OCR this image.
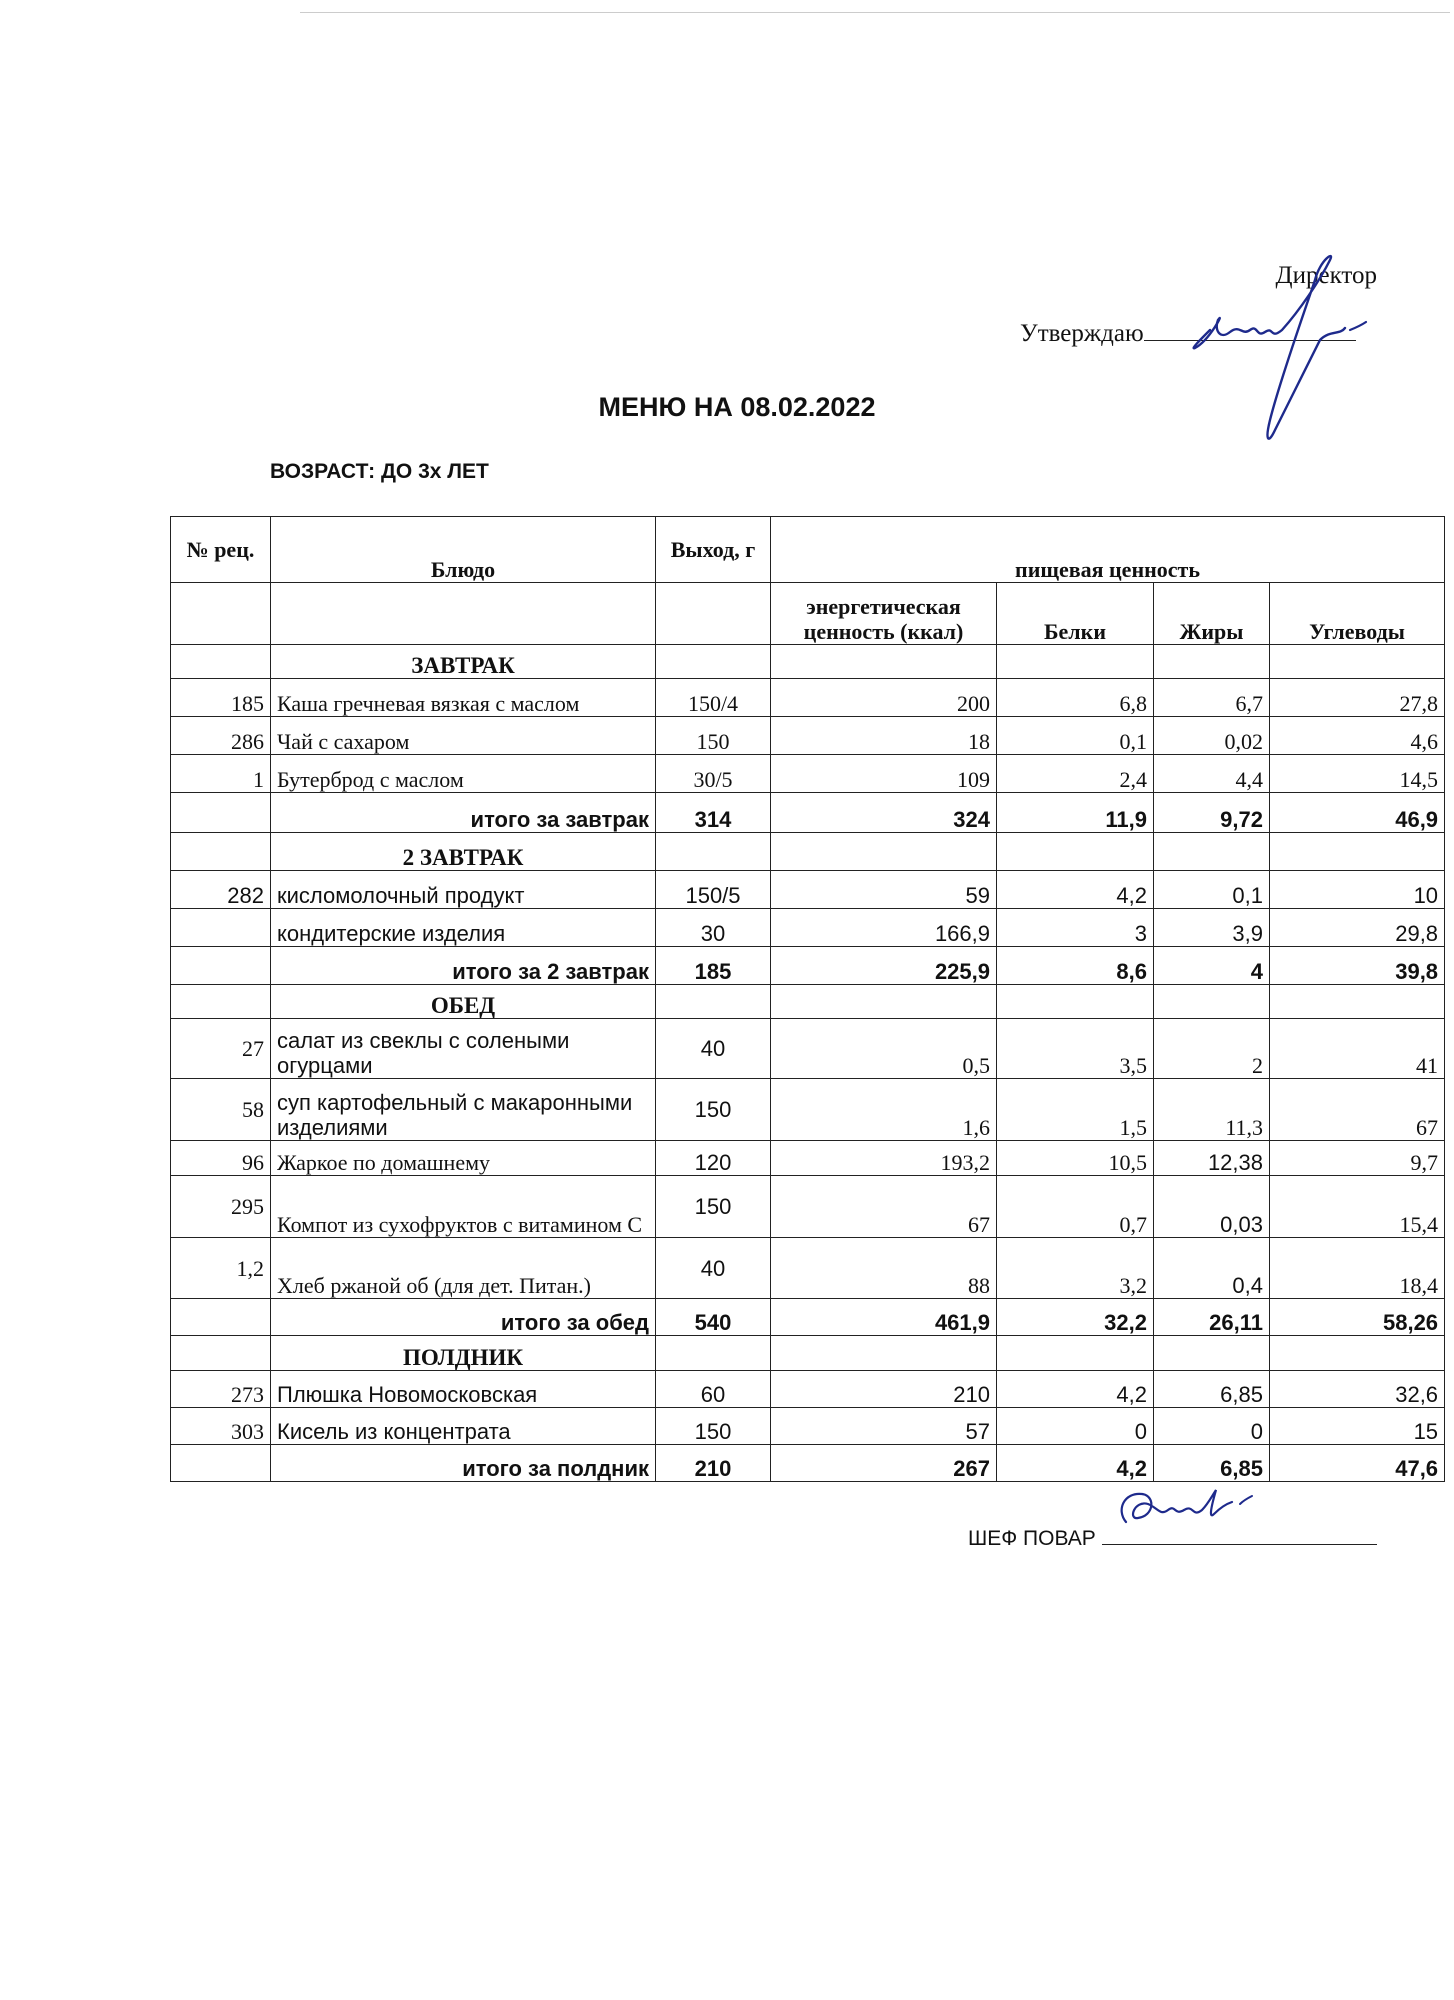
Директор
Утверждаю
МЕНЮ НА 08.02.2022
ВОЗРАСТ: ДО 3х ЛЕТ
№ рец.	Блюдо	Выход, г	пищевая ценность			
			энергетическая ценность (ккал)	Белки	Жиры	Углеводы
	ЗАВТРАК					
185	Каша гречневая вязкая с маслом	150/4	200	6,8	6,7	27,8
286	Чай с сахаром	150	18	0,1	0,02	4,6
1	Бутерброд с маслом	30/5	109	2,4	4,4	14,5
	итого за завтрак	314	324	11,9	9,72	46,9
	2 ЗАВТРАК					
282	кисломолочный продукт	150/5	59	4,2	0,1	10
	кондитерские изделия	30	166,9	3	3,9	29,8
	итого за 2 завтрак	185	225,9	8,6	4	39,8
	ОБЕД					
27	салат из свеклы с солеными огурцами	40	0,5	3,5	2	41
58	суп картофельный с макаронными изделиями	150	1,6	1,5	11,3	67
96	Жаркое по домашнему	120	193,2	10,5	12,38	9,7
295	Компот из сухофруктов с витамином С	150	67	0,7	0,03	15,4
1,2	Хлеб ржаной об (для дет. Питан.)	40	88	3,2	0,4	18,4
	итого за обед	540	461,9	32,2	26,11	58,26
	ПОЛДНИК					
273	Плюшка Новомосковская	60	210	4,2	6,85	32,6
303	Кисель из концентрата	150	57	0	0	15
	итого за полдник	210	267	4,2	6,85	47,6
ШЕФ ПОВАР
